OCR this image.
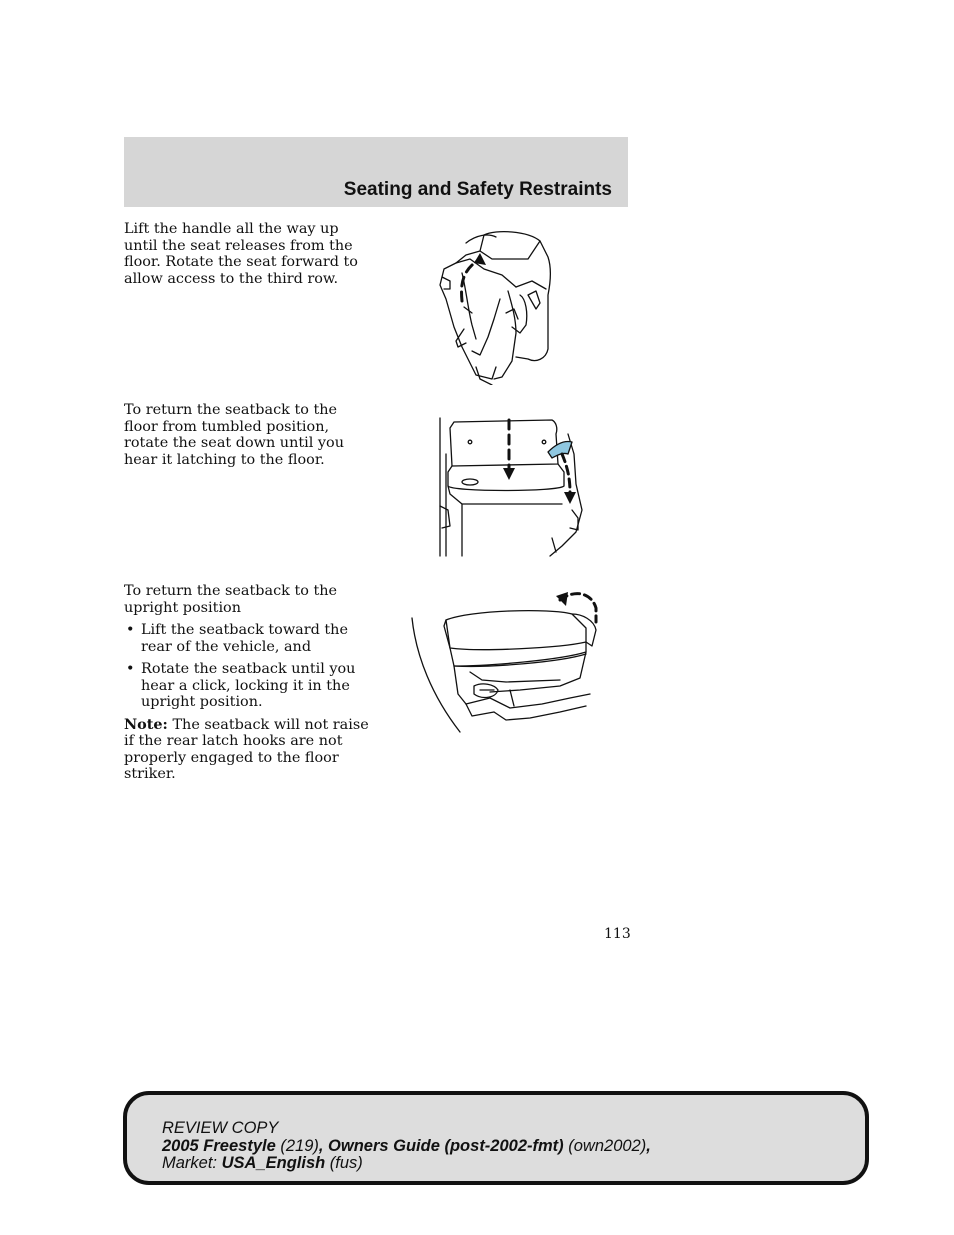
Seating and Safety Restraints

Lift the handle all the way up until the seat releases from the floor. Rotate the seat forward to allow access to the third row.

To return the seatback to the floor from tumbled position, rotate the seat down until you hear it latching to the floor.

To return the seatback to the upright position

• Lift the seatback toward the rear of the vehicle, and
• Rotate the seatback until you hear a click, locking it in the upright position.

Note: The seatback will not raise if the rear latch hooks are not properly engaged to the floor striker.

113
REVIEW COPY
2005 Freestyle (219), Owners Guide (post-2002-fmt) (own2002),
Market: USA_English (fus)
